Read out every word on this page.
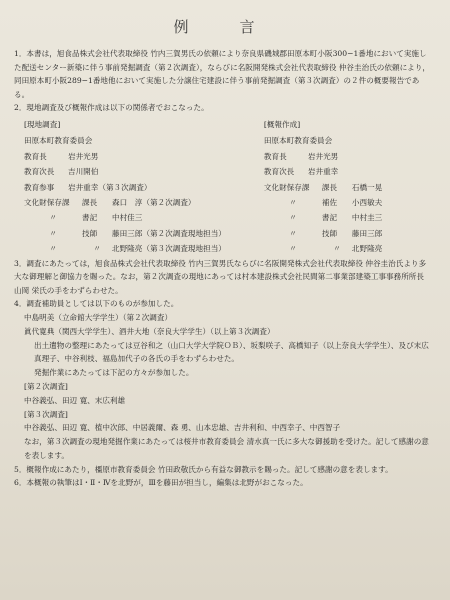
例　言

1．本書は，旭食品株式会社代表取締役 竹内三賀男氏の依頼により奈良県磯城郡田原本町小阪300−1番地において実施した配送センター新築に伴う事前発掘調査（第２次調査），ならびに名阪開発株式会社代表取締役 仲谷圭治氏の依頼により，同田原本町小阪289−1番地他において実施した分譲住宅建設に伴う事前発掘調査（第３次調査）の２件の概要報告である。

2．現地調査及び概報作成は以下の関係者でおこなった。

[現地調査]
田原本町教育委員会
教育長	岩井光男
教育次長 吉川開伯
教育参事 岩井重幸（第３次調査）
文化財保存課 課長 森口　淳（第２次調査）
〃	書記 中村佳三
〃	技師 藤田三郎（第２次調査現地担当）
〃	〃 北野隆亮（第３次調査現地担当）
[概報作成]
田原本町教育委員会
教育長	岩井光男
教育次長 岩井重幸
文化財保存課 課長 石橋一晃
〃	補佐 小西敏夫
〃	書記 中村圭三
〃	技師 藤田三郎
〃	〃 北野隆亮

3．調査にあたっては，旭食品株式会社代表取締役 竹内三賀男氏ならびに名阪開発株式会社代表取締役 仲谷圭治氏より多大な御理解と御協力を賜った。なお，第２次調査の現地にあっては村本建設株式会社民間第二事業部建築工事事務所所長 山岡 栄氏の手をわずらわせた。

4．調査補助員としては以下のものが参加した。

中島明美（立命館大学学生）（第２次調査）

眞代寛典（関西大学学生）、酒井大地（奈良大学学生）（以上第３次調査）

出土遺物の整理にあたっては豆谷和之（山口大学大学院ＯＢ）、坂梨咲子、高橋知子（以上奈良大学学生）、及び末広真理子、中谷利枝、福島加代子の各氏の手をわずらわせた。

発掘作業にあたっては下記の方々が参加した。

[第２次調査]

中谷義弘、田辺 寛、末広利雄

[第３次調査]

中谷義弘、田辺 寛、植中次郎、中居義爾、森 勇、山本忠雄、吉井利和、中西幸子、中西智子

なお，第３次調査の現地発掘作業にあたっては桜井市教育委員会 清水真一氏に多大な御援助を受けた。記して感謝の意を表します。

5．概報作成にあたり，橿原市教育委員会 竹田政敬氏から有益な御教示を賜った。記して感謝の意を表します。

6．本概報の執筆はⅠ・Ⅱ・Ⅳを北野が，Ⅲを藤田が担当し，編集は北野がおこなった。
